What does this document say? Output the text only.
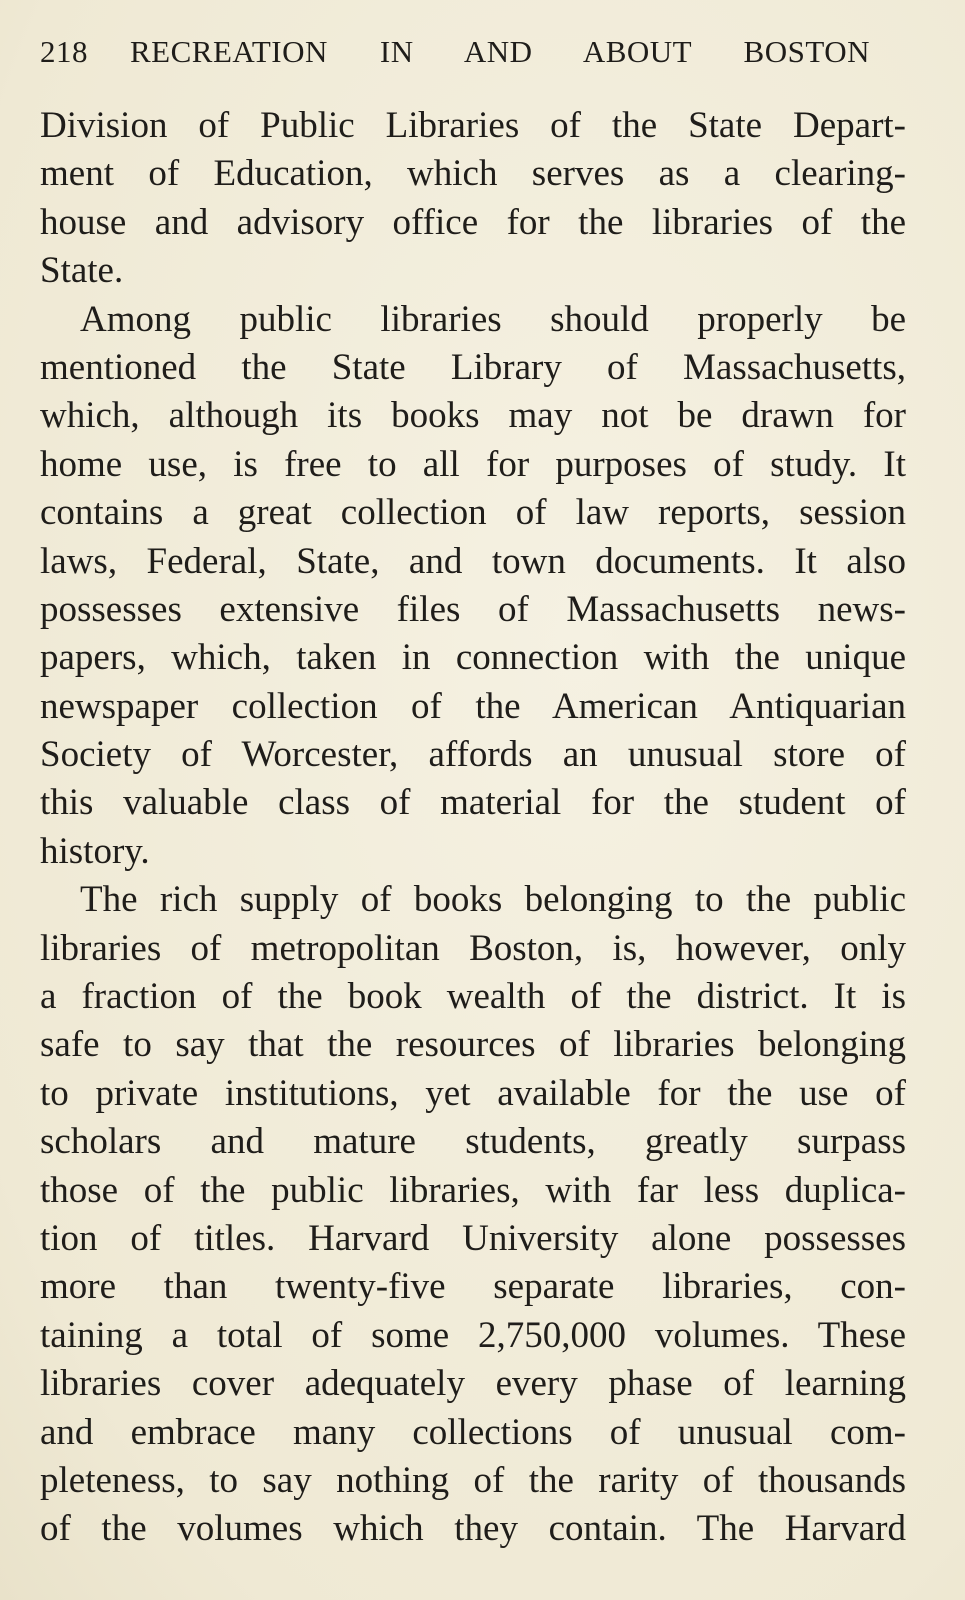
218	RECREATION IN AND ABOUT BOSTON
Division of Public Libraries of the State Depart-
ment of Education, which serves as a clearing-
house and advisory office for the libraries of the
State.
Among public libraries should properly be
mentioned the State Library of Massachusetts,
which, although its books may not be drawn for
home use, is free to all for purposes of study. It
contains a great collection of law reports, session
laws, Federal, State, and town documents. It also
possesses extensive files of Massachusetts news-
papers, which, taken in connection with the unique
newspaper collection of the American Antiquarian
Society of Worcester, affords an unusual store of
this valuable class of material for the student of
history.
The rich supply of books belonging to the public
libraries of metropolitan Boston, is, however, only
a fraction of the book wealth of the district. It is
safe to say that the resources of libraries belonging
to private institutions, yet available for the use of
scholars and mature students, greatly surpass
those of the public libraries, with far less duplica-
tion of titles. Harvard University alone possesses
more than twenty-five separate libraries, con-
taining a total of some 2,750,000 volumes. These
libraries cover adequately every phase of learning
and embrace many collections of unusual com-
pleteness, to say nothing of the rarity of thousands
of the volumes which they contain. The Harvard
